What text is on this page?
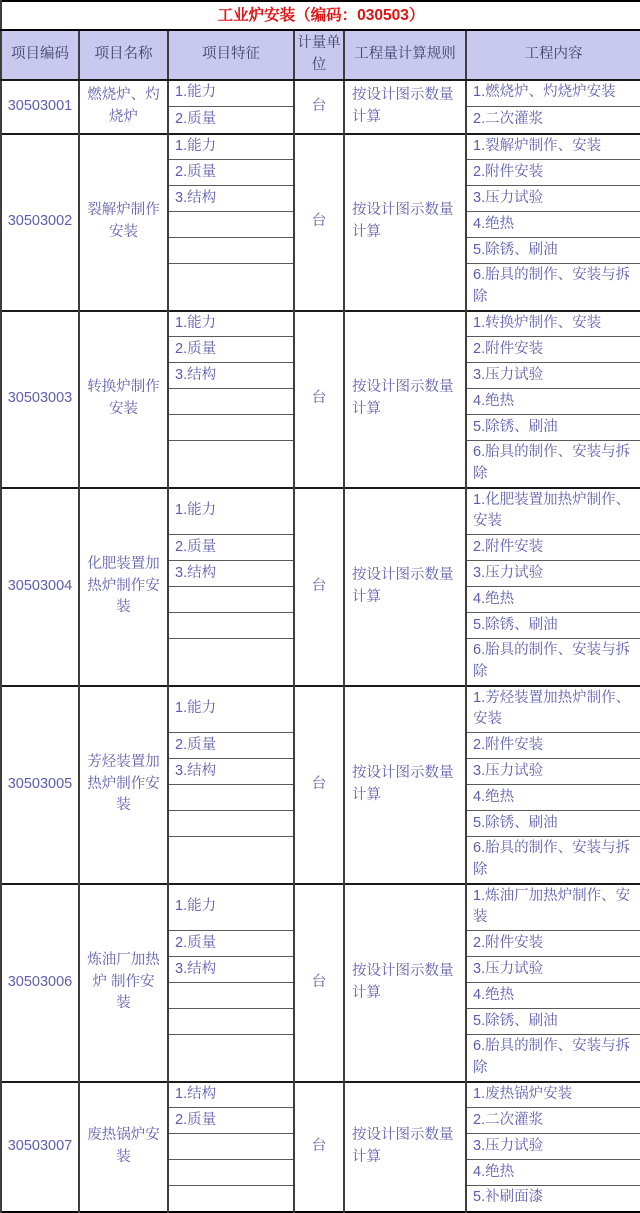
工业炉安装（编码：030503）					
项目编码	项目名称	项目特征	计量单位	工程量计算规则	工程内容
30503001	燃烧炉、灼烧炉	1.能力	台	按设计图示数量计算	1.燃烧炉、灼烧炉安装
		2.质量			2.二次灌浆
30503002	裂解炉制作安装	1.能力	台	按设计图示数量计算	1.裂解炉制作、安装
		2.质量			2.附件安装
		3.结构			3.压力试验
					4.绝热
					5.除锈、刷油
					6.胎具的制作、安装与拆除
30503003	转换炉制作安装	1.能力	台	按设计图示数量计算	1.转换炉制作、安装
		2.质量			2.附件安装
		3.结构			3.压力试验
					4.绝热
					5.除锈、刷油
					6.胎具的制作、安装与拆除
30503004	化肥装置加热炉制作安装	1.能力	台	按设计图示数量计算	1.化肥装置加热炉制作、安装
		2.质量			2.附件安装
		3.结构			3.压力试验
					4.绝热
					5.除锈、刷油
					6.胎具的制作、安装与拆除
30503005	芳烃装置加热炉制作安装	1.能力	台	按设计图示数量计算	1.芳烃装置加热炉制作、安装
		2.质量			2.附件安装
		3.结构			3.压力试验
					4.绝热
					5.除锈、刷油
					6.胎具的制作、安装与拆除
30503006	炼油厂加热炉 制作安装	1.能力	台	按设计图示数量计算	1.炼油厂加热炉制作、安装
		2.质量			2.附件安装
		3.结构			3.压力试验
					4.绝热
					5.除锈、刷油
					6.胎具的制作、安装与拆除
30503007	废热锅炉安装	1.结构	台	按设计图示数量计算	1.废热锅炉安装
		2.质量			2.二次灌浆
					3.压力试验
					4.绝热
					5.补刷面漆
